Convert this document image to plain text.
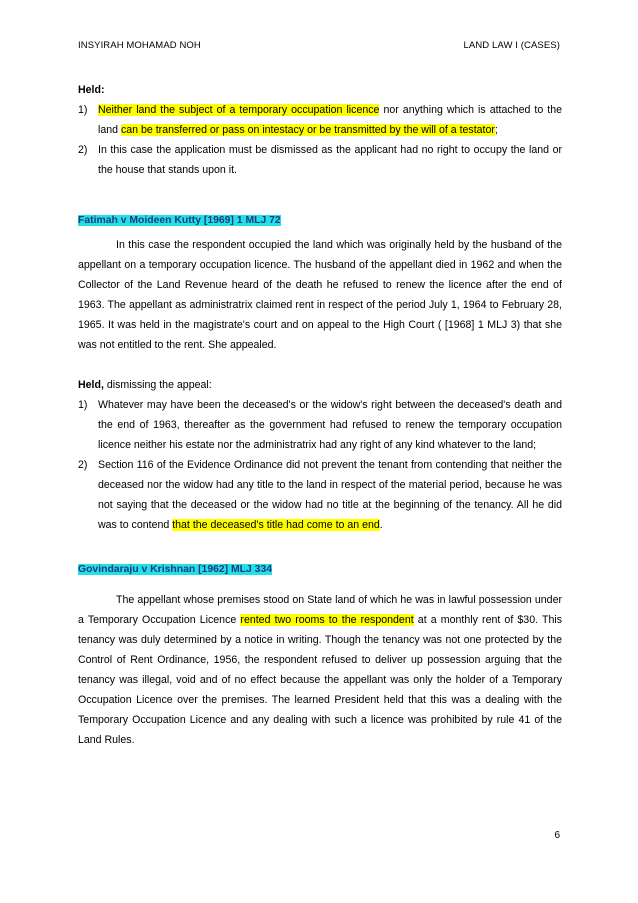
INSYIRAH MOHAMAD NOH	LAND LAW I (CASES)

Held:

1) Neither land the subject of a temporary occupation licence nor anything which is attached to the land can be transferred or pass on intestacy or be transmitted by the will of a testator;
2) In this case the application must be dismissed as the applicant had no right to occupy the land or the house that stands upon it.

Fatimah v Moideen Kutty [1969] 1 MLJ 72

In this case the respondent occupied the land which was originally held by the husband of the appellant on a temporary occupation licence. The husband of the appellant died in 1962 and when the Collector of the Land Revenue heard of the death he refused to renew the licence after the end of 1963. The appellant as administratrix claimed rent in respect of the period July 1, 1964 to February 28, 1965. It was held in the magistrate's court and on appeal to the High Court ( [1968] 1 MLJ 3) that she was not entitled to the rent. She appealed.

Held, dismissing the appeal:

1) Whatever may have been the deceased's or the widow's right between the deceased's death and the end of 1963, thereafter as the government had refused to renew the temporary occupation licence neither his estate nor the administratrix had any right of any kind whatever to the land;
2) Section 116 of the Evidence Ordinance did not prevent the tenant from contending that neither the deceased nor the widow had any title to the land in respect of the material period, because he was not saying that the deceased or the widow had no title at the beginning of the tenancy. All he did was to contend that the deceased's title had come to an end.

Govindaraju v Krishnan [1962] MLJ 334

The appellant whose premises stood on State land of which he was in lawful possession under a Temporary Occupation Licence rented two rooms to the respondent at a monthly rent of $30. This tenancy was duly determined by a notice in writing. Though the tenancy was not one protected by the Control of Rent Ordinance, 1956, the respondent refused to deliver up possession arguing that the tenancy was illegal, void and of no effect because the appellant was only the holder of a Temporary Occupation Licence over the premises. The learned President held that this was a dealing with the Temporary Occupation Licence and any dealing with such a licence was prohibited by rule 41 of the Land Rules.

6
